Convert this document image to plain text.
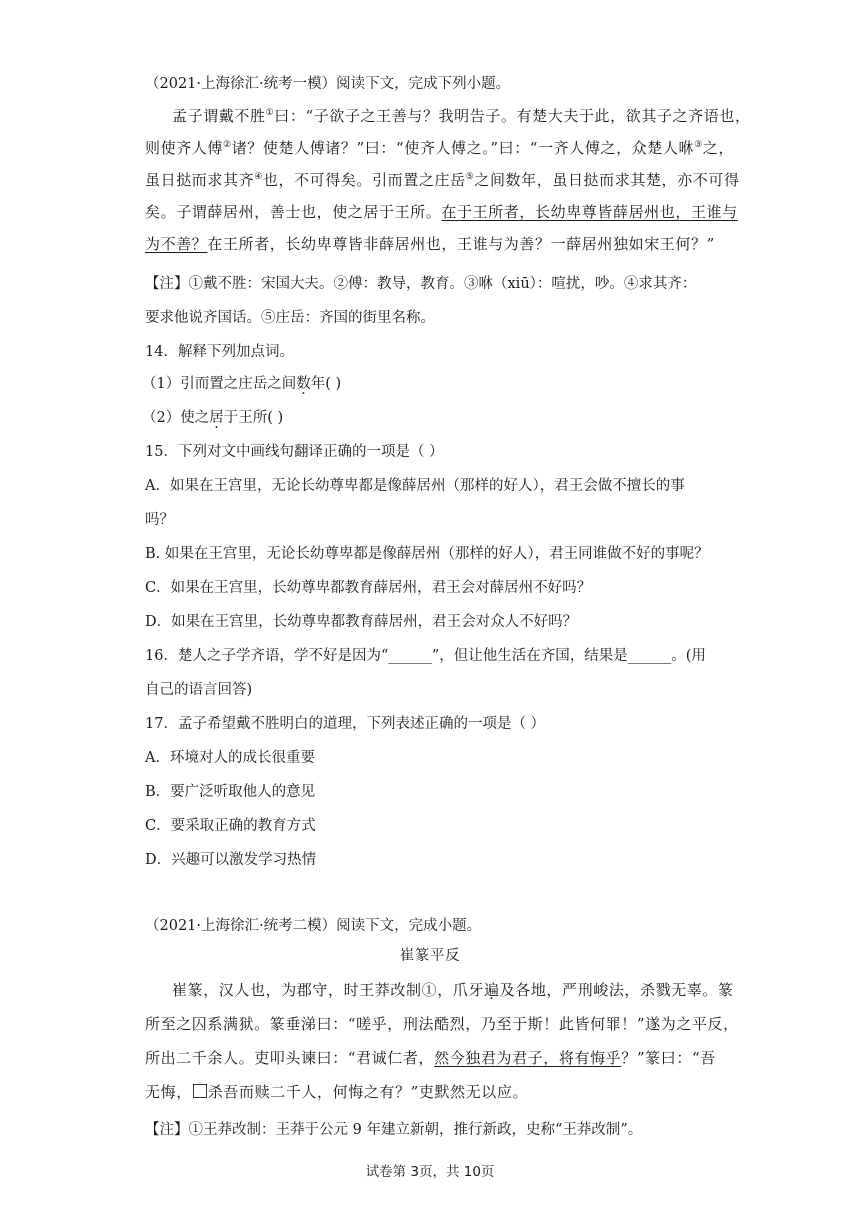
（2021·上海徐汇·统考一模）阅读下文，完成下列小题。
孟子谓戴不胜①曰：“子欲子之王善与？我明告子。有楚大夫于此，欲其子之齐语也，
则使齐人傅②诸？使楚人傅诸？”曰：“使齐人傅之。”曰：“一齐人傅之，众楚人咻③之，
虽日挞而求其齐④也，不可得矣。引而置之庄岳⑤之间数年，虽日挞而求其楚，亦不可得
矣。子谓薛居州，善士也，使之居于王所。在于王所者，长幼卑尊皆薛居州也，王谁与
为不善？在王所者，长幼卑尊皆非薛居州也，王谁与为善？一薛居州独如宋王何？”
【注】①戴不胜：宋国大夫。②傅：教导，教育。③咻（xiū）：喧扰，吵。④求其齐：
要求他说齐国话。⑤庄岳：齐国的街里名称。
14．解释下列加点词。
（1）引而置之庄岳之间数年( )
（2）使之居于王所( )
15．下列对文中画线句翻译正确的一项是（ ）
A．如果在王宫里，无论长幼尊卑都是像薛居州（那样的好人），君王会做不擅长的事
吗？
B. 如果在王宫里，无论长幼尊卑都是像薛居州（那样的好人），君王同谁做不好的事呢？
C．如果在王宫里，长幼尊卑都教育薛居州，君王会对薛居州不好吗？
D．如果在王宫里，长幼尊卑都教育薛居州，君王会对众人不好吗？
16．楚人之子学齐语，学不好是因为“______”，但让他生活在齐国，结果是______。(用
自己的语言回答)
17．孟子希望戴不胜明白的道理，下列表述正确的一项是（ ）
A．环境对人的成长很重要
B．要广泛听取他人的意见
C．要采取正确的教育方式
D．兴趣可以激发学习热情
（2021·上海徐汇·统考二模）阅读下文，完成小题。
崔篆平反
崔篆，汉人也，为郡守，时王莽改制①，爪牙遍及各地，严刑峻法，杀戮无辜。篆
所至之囚系满狱。篆垂涕曰：“嗟乎，刑法酷烈，乃至于斯！此皆何罪！”遂为之平反，
所出二千余人。吏叩头谏曰：“君诚仁者，然今独君为君子，将有悔乎？”篆曰：“吾
无悔， 杀吾而赎二千人，何悔之有？”吏默然无以应。
【注】①王莽改制：王莽于公元 9 年建立新朝，推行新政，史称“王莽改制”。
试卷第 3页，共 10页
